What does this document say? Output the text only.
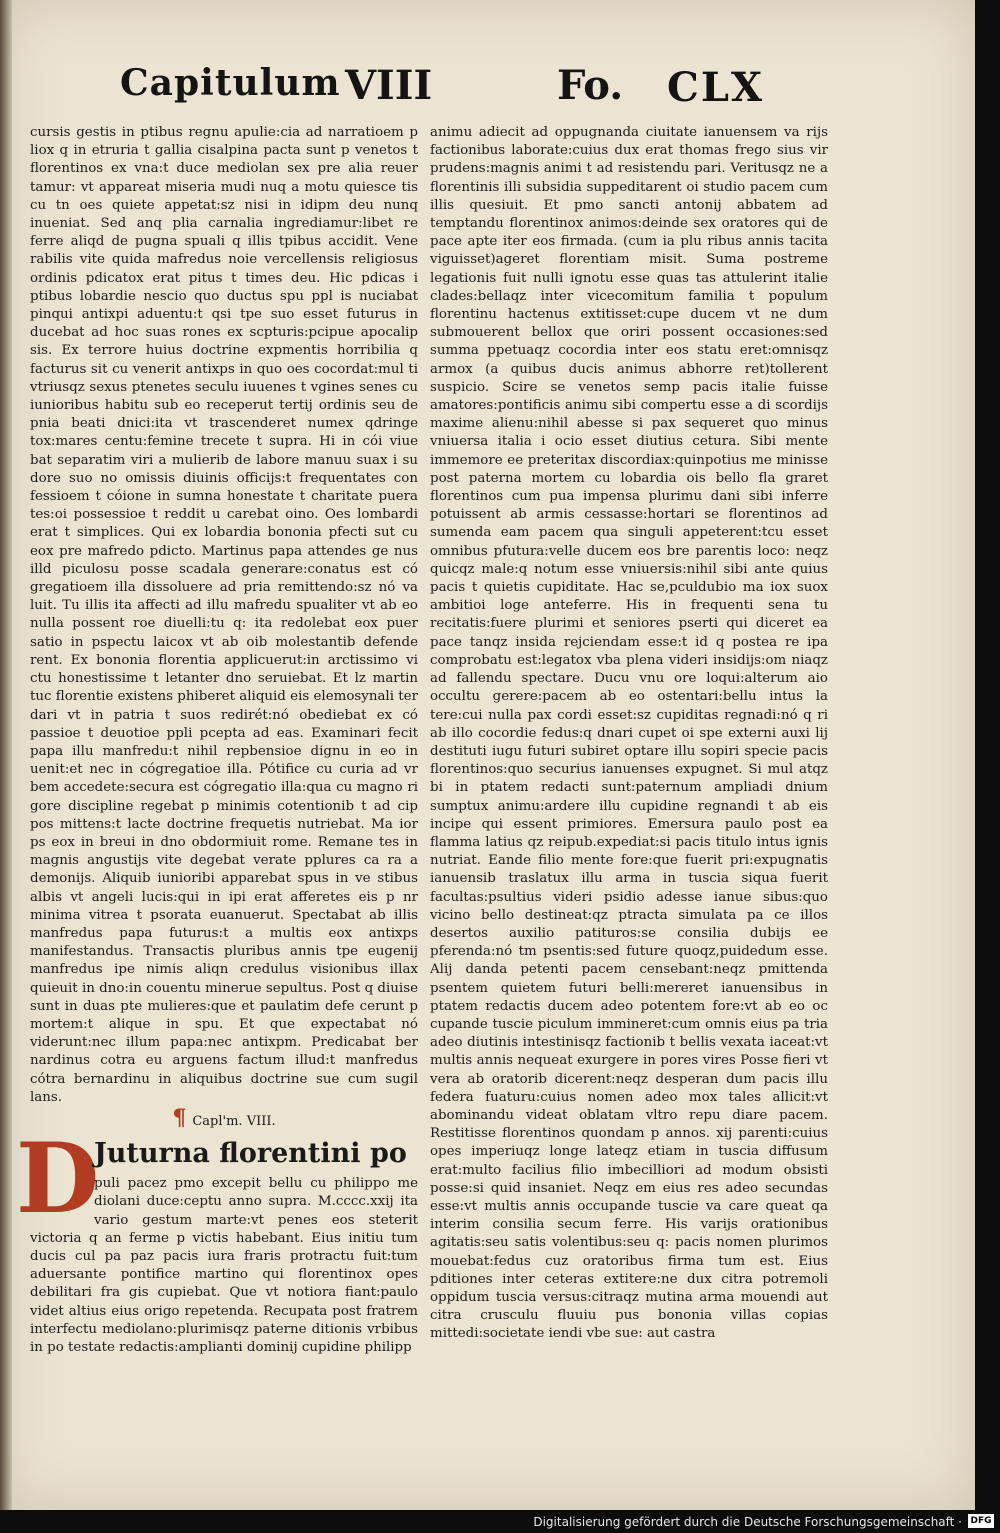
Capitulum VIII	Fo. CLX

cursis gestis in ptibus regnu apulie:cia ad narratioem p liox q in etruria t gallia cisalpina pacta sunt p venetos t florentinos ex vna:t duce mediolan sex pre alia reuer tamur: vt appareat miseria mudi nuq a motu quiesce tis cu tn oes quiete appetat:sz nisi in idipm deu nunq inueniat. Sed anq plia carnalia ingrediamur:libet re ferre aliqd de pugna spuali q illis tpibus accidit. Vene rabilis vite quida mafredus noie vercellensis religiosus ordinis pdicatox erat pitus t times deu. Hic pdicas i ptibus lobardie nescio quo ductus spu ppl is nuciabat pinqui antixpi aduentu:t qsi tpe suo esset futurus in ducebat ad hoc suas rones ex scpturis:pcipue apocalip sis. Ex terrore huius doctrine expmentis horribilia q facturus sit cu venerit antixps in quo oes cocordat:mul ti vtriusqz sexus ptenetes seculu iuuenes t vgines senes cu iunioribus habitu sub eo receperut tertij ordinis seu de pnia beati dnici:ita vt trascenderet numex qdringe tox:mares centu:femine trecete t supra. Hi in cói viue bat separatim viri a mulierib de labore manuu suax i su dore suo no omissis diuinis officijs:t frequentates con fessioem t cóione in sumna honestate t charitate puera tes:oi possessioe t reddit u carebat oino. Oes lombardi erat t simplices. Qui ex lobardia bononia pfecti sut cu eox pre mafredo pdicto. Martinus papa attendes ge nus illd piculosu posse scadala generare:conatus est có gregatioem illa dissoluere ad pria remittendo:sz nó va luit. Tu illis ita affecti ad illu mafredu spualiter vt ab eo nulla possent roe diuelli:tu q: ita redolebat eox puer satio in pspectu laicox vt ab oib molestantib defende rent. Ex bononia florentia applicuerut:in arctissimo vi ctu honestissime t letanter dno seruiebat. Et lz martin tuc florentie existens phiberet aliquid eis elemosynali ter dari vt in patria t suos redirét:nó obediebat ex có passioe t deuotioe ppli pcepta ad eas. Examinari fecit papa illu manfredu:t nihil repbensioe dignu in eo in uenit:et nec in cógregatioe illa. Pótifice cu curia ad vr bem accedete:secura est cógregatio illa:qua cu magno ri gore discipline regebat p minimis cotentionib t ad cip pos mittens:t lacte doctrine frequetis nutriebat. Ma ior ps eox in breui in dno obdormiuit rome. Remane tes in magnis angustijs vite degebat verate pplures ca ra a demonijs. Aliquib iunioribi apparebat spus in ve stibus albis vt angeli lucis:qui in ipi erat afferetes eis p nr minima vitrea t psorata euanuerut. Spectabat ab illis manfredus papa futurus:t a multis eox antixps manifestandus. Transactis pluribus annis tpe eugenij manfredus ipe nimis aliqn credulus visionibus illax quieuit in dno:in couentu minerue sepultus. Post q diuise sunt in duas pte mulieres:que et paulatim defe cerunt p mortem:t alique in spu. Et que expectabat nó viderunt:nec illum papa:nec antixpm. Predicabat ber nardinus cotra eu arguens factum illud:t manfredus cótra bernardinu in aliquibus doctrine sue cum sugil lans.

¶ Capl'm. VIII.
D
Juturna florentini po

puli pacez pmo excepit bellu cu philippo me diolani duce:ceptu anno supra. M.cccc.xxij ita vario gestum marte:vt penes eos steterit victoria q an ferme p victis habebant. Eius initiu tum ducis cul pa paz pacis iura fraris protractu fuit:tum aduersante pontifice martino qui florentinox opes debilitari fra gis cupiebat. Que vt notiora fiant:paulo videt altius eius origo repetenda. Recupata post fratrem interfectu mediolano:plurimisqz paterne ditionis vrbibus in po testate redactis:amplianti dominij cupidine philipp

animu adiecit ad oppugnanda ciuitate ianuensem va rijs factionibus laborate:cuius dux erat thomas frego sius vir prudens:magnis animi t ad resistendu pari. Veritusqz ne a florentinis illi subsidia suppeditarent oi studio pacem cum illis quesiuit. Et pmo sancti antonij abbatem ad temptandu florentinox animos:deinde sex oratores qui de pace apte iter eos firmada. (cum ia plu ribus annis tacita viguisset)ageret florentiam misit. Suma postreme legationis fuit nulli ignotu esse quas tas attulerint italie clades:bellaqz inter vicecomitum familia t populum florentinu hactenus extitisset:cupe ducem vt ne dum submouerent bellox que oriri possent occasiones:sed summa ppetuaqz cocordia inter eos statu eret:omnisqz armox (a quibus ducis animus abhorre ret)tollerent suspicio. Scire se venetos semp pacis italie fuisse amatores:pontificis animu sibi compertu esse a di scordijs maxime alienu:nihil abesse si pax sequeret quo minus vniuersa italia i ocio esset diutius cetura. Sibi mente immemore ee preteritax discordiax:quinpotius me minisse post paterna mortem cu lobardia ois bello fla graret florentinos cum pua impensa plurimu dani sibi inferre potuissent ab armis cessasse:hortari se florentinos ad sumenda eam pacem qua singuli appeterent:tcu esset omnibus pfutura:velle ducem eos bre parentis loco: neqz quicqz male:q notum esse vniuersis:nihil sibi ante quius pacis t quietis cupiditate. Hac se,pculdubio ma iox suox ambitioi loge anteferre. His in frequenti sena tu recitatis:fuere plurimi et seniores pserti qui diceret ea pace tanqz insida rejciendam esse:t id q postea re ipa comprobatu est:legatox vba plena videri insidijs:om niaqz ad fallendu spectare. Ducu vnu ore loqui:alterum aio occultu gerere:pacem ab eo ostentari:bellu intus la tere:cui nulla pax cordi esset:sz cupiditas regnadi:nó q ri ab illo cocordie fedus:q dnari cupet oi spe externi auxi lij destituti iugu futuri subiret optare illu sopiri specie pacis florentinos:quo securius ianuenses expugnet. Si mul atqz bi in ptatem redacti sunt:paternum ampliadi dnium sumptux animu:ardere illu cupidine regnandi t ab eis incipe qui essent primiores. Emersura paulo post ea flamma latius qz reipub.expediat:si pacis titulo intus ignis nutriat. Eande filio mente fore:que fuerit pri:expugnatis ianuensib traslatux illu arma in tuscia siqua fuerit facultas:psultius videri psidio adesse ianue sibus:quo vicino bello destineat:qz ptracta simulata pa ce illos desertos auxilio patituros:se consilia dubijs ee pferenda:nó tm psentis:sed future quoqz,puidedum esse. Alij danda petenti pacem censebant:neqz pmittenda psentem quietem futuri belli:mereret ianuensibus in ptatem redactis ducem adeo potentem fore:vt ab eo oc cupande tuscie piculum immineret:cum omnis eius pa tria adeo diutinis intestinisqz factionib t bellis vexata iaceat:vt multis annis nequeat exurgere in pores vires Posse fieri vt vera ab oratorib dicerent:neqz desperan dum pacis illu federa fuaturu:cuius nomen adeo mox tales allicit:vt abominandu videat oblatam vltro repu diare pacem. Restitisse florentinos quondam p annos. xij parenti:cuius opes imperiuqz longe lateqz etiam in tuscia diffusum erat:multo facilius filio imbecilliori ad modum obsisti posse:si quid insaniet. Neqz em eius res adeo secundas esse:vt multis annis occupande tuscie va care queat qa interim consilia secum ferre. His varijs orationibus agitatis:seu satis volentibus:seu q: pacis nomen plurimos mouebat:fedus cuz oratoribus firma tum est. Eius pditiones inter ceteras extitere:ne dux citra potremoli oppidum tuscia versus:citraqz mutina arma mouendi aut citra crusculu fluuiu pus bononia villas copias mittedi:societate iendi vbe sue: aut castra

Digitalisierung gefördert durch die Deutsche Forschungsgemeinschaft · DFG
